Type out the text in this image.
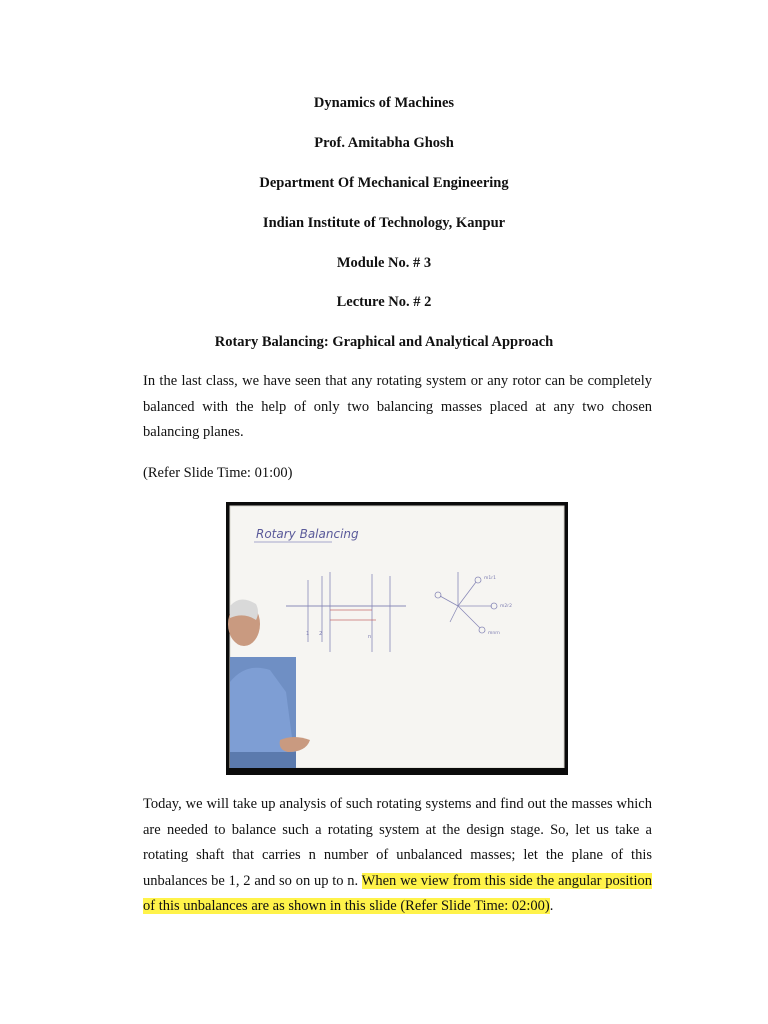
Dynamics of Machines

Prof. Amitabha Ghosh

Department Of Mechanical Engineering

Indian Institute of Technology, Kanpur

Module No. # 3

Lecture No. # 2

Rotary Balancing: Graphical and Analytical Approach

In the last class, we have seen that any rotating system or any rotor can be completely balanced with the help of only two balancing masses placed at any two chosen balancing planes.

(Refer Slide Time: 01:00)

Rotary Balancing
1 2	n
m1r1
m2r2
mnrn

Today, we will take up analysis of such rotating systems and find out the masses which are needed to balance such a rotating system at the design stage. So, let us take a rotating shaft that carries n number of unbalanced masses; let the plane of this unbalances be 1, 2 and so on up to n. When we view from this side the angular position of this unbalances are as shown in this slide (Refer Slide Time: 02:00).
